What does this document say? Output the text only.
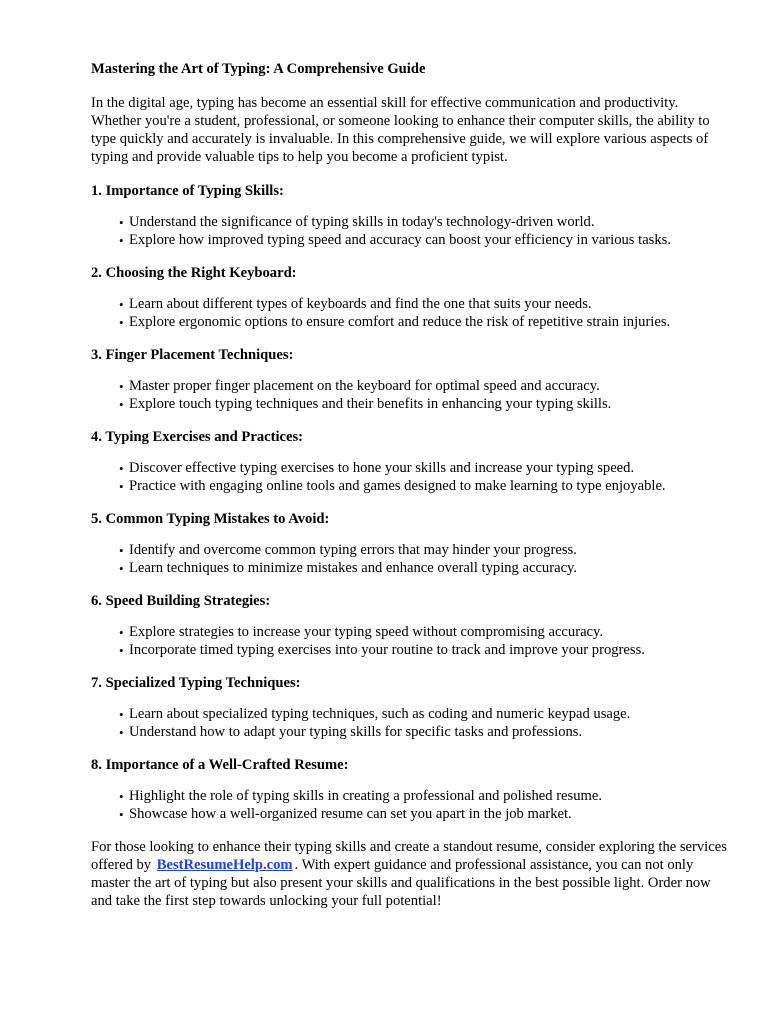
Mastering the Art of Typing: A Comprehensive Guide

In the digital age, typing has become an essential skill for effective communication and productivity. Whether you're a student, professional, or someone looking to enhance their computer skills, the ability to type quickly and accurately is invaluable. In this comprehensive guide, we will explore various aspects of typing and provide valuable tips to help you become a proficient typist.

1. Importance of Typing Skills:
• Understand the significance of typing skills in today's technology-driven world.
• Explore how improved typing speed and accuracy can boost your efficiency in various tasks.
2. Choosing the Right Keyboard:
• Learn about different types of keyboards and find the one that suits your needs.
• Explore ergonomic options to ensure comfort and reduce the risk of repetitive strain injuries.
3. Finger Placement Techniques:
• Master proper finger placement on the keyboard for optimal speed and accuracy.
• Explore touch typing techniques and their benefits in enhancing your typing skills.
4. Typing Exercises and Practices:
• Discover effective typing exercises to hone your skills and increase your typing speed.
• Practice with engaging online tools and games designed to make learning to type enjoyable.
5. Common Typing Mistakes to Avoid:
• Identify and overcome common typing errors that may hinder your progress.
• Learn techniques to minimize mistakes and enhance overall typing accuracy.
6. Speed Building Strategies:
• Explore strategies to increase your typing speed without compromising accuracy.
• Incorporate timed typing exercises into your routine to track and improve your progress.
7. Specialized Typing Techniques:
• Learn about specialized typing techniques, such as coding and numeric keypad usage.
• Understand how to adapt your typing skills for specific tasks and professions.
8. Importance of a Well-Crafted Resume:
• Highlight the role of typing skills in creating a professional and polished resume.
• Showcase how a well-organized resume can set you apart in the job market.

For those looking to enhance their typing skills and create a standout resume, consider exploring the services offered by BestResumeHelp.com . With expert guidance and professional assistance, you can not only master the art of typing but also present your skills and qualifications in the best possible light. Order now and take the first step towards unlocking your full potential!
